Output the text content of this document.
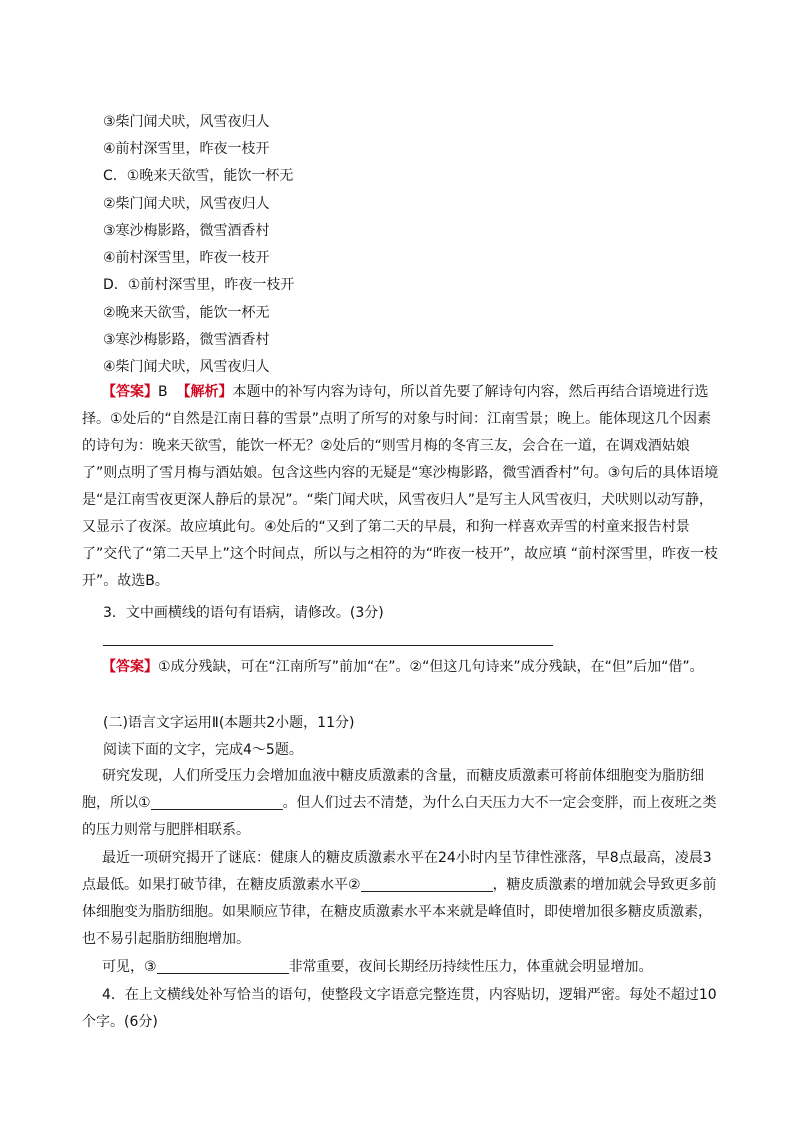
③柴门闻犬吠，风雪夜归人
④前村深雪里，昨夜一枝开
C．①晚来天欲雪，能饮一杯无
②柴门闻犬吠，风雪夜归人
③寒沙梅影路，微雪酒香村
④前村深雪里，昨夜一枝开
D．①前村深雪里，昨夜一枝开
②晚来天欲雪，能饮一杯无
③寒沙梅影路，微雪酒香村
④柴门闻犬吠，风雪夜归人

【答案】B 【解析】本题中的补写内容为诗句，所以首先要了解诗句内容，然后再结合语境进行选择。①处后的“自然是江南日暮的雪景”点明了所写的对象与时间：江南雪景；晚上。能体现这几个因素的诗句为：晚来天欲雪，能饮一杯无？②处后的“则雪月梅的冬宵三友，会合在一道，在调戏酒姑娘了”则点明了雪月梅与酒姑娘。包含这些内容的无疑是“寒沙梅影路，微雪酒香村”句。③句后的具体语境是“是江南雪夜更深人静后的景况”。“柴门闻犬吠，风雪夜归人”是写主人风雪夜归，犬吠则以动写静，又显示了夜深。故应填此句。④处后的“又到了第二天的早晨，和狗一样喜欢弄雪的村童来报告村景了”交代了“第二天早上”这个时间点，所以与之相符的为“昨夜一枝开”，故应填 “前村深雪里，昨夜一枝开”。故选B。

3．文中画横线的语句有语病，请修改。(3分)

【答案】①成分残缺，可在“江南所写”前加“在”。②“但这几句诗来”成分残缺，在“但”后加“借”。

(二)语言文字运用Ⅱ(本题共2小题，11分)
阅读下面的文字，完成4～5题。

研究发现，人们所受压力会增加血液中糖皮质激素的含量，而糖皮质激素可将前体细胞变为脂肪细胞，所以①	。但人们过去不清楚，为什么白天压力大不一定会变胖，而上夜班之类的压力则常与肥胖相联系。

最近一项研究揭开了谜底：健康人的糖皮质激素水平在24小时内呈节律性涨落，早8点最高，凌晨3点最低。如果打破节律，在糖皮质激素水平②	，糖皮质激素的增加就会导致更多前体细胞变为脂肪细胞。如果顺应节律，在糖皮质激素水平本来就是峰值时，即使增加很多糖皮质激素，也不易引起脂肪细胞增加。

可见，③	非常重要，夜间长期经历持续性压力，体重就会明显增加。

4．在上文横线处补写恰当的语句，使整段文字语意完整连贯，内容贴切，逻辑严密。每处不超过10个字。(6分)
